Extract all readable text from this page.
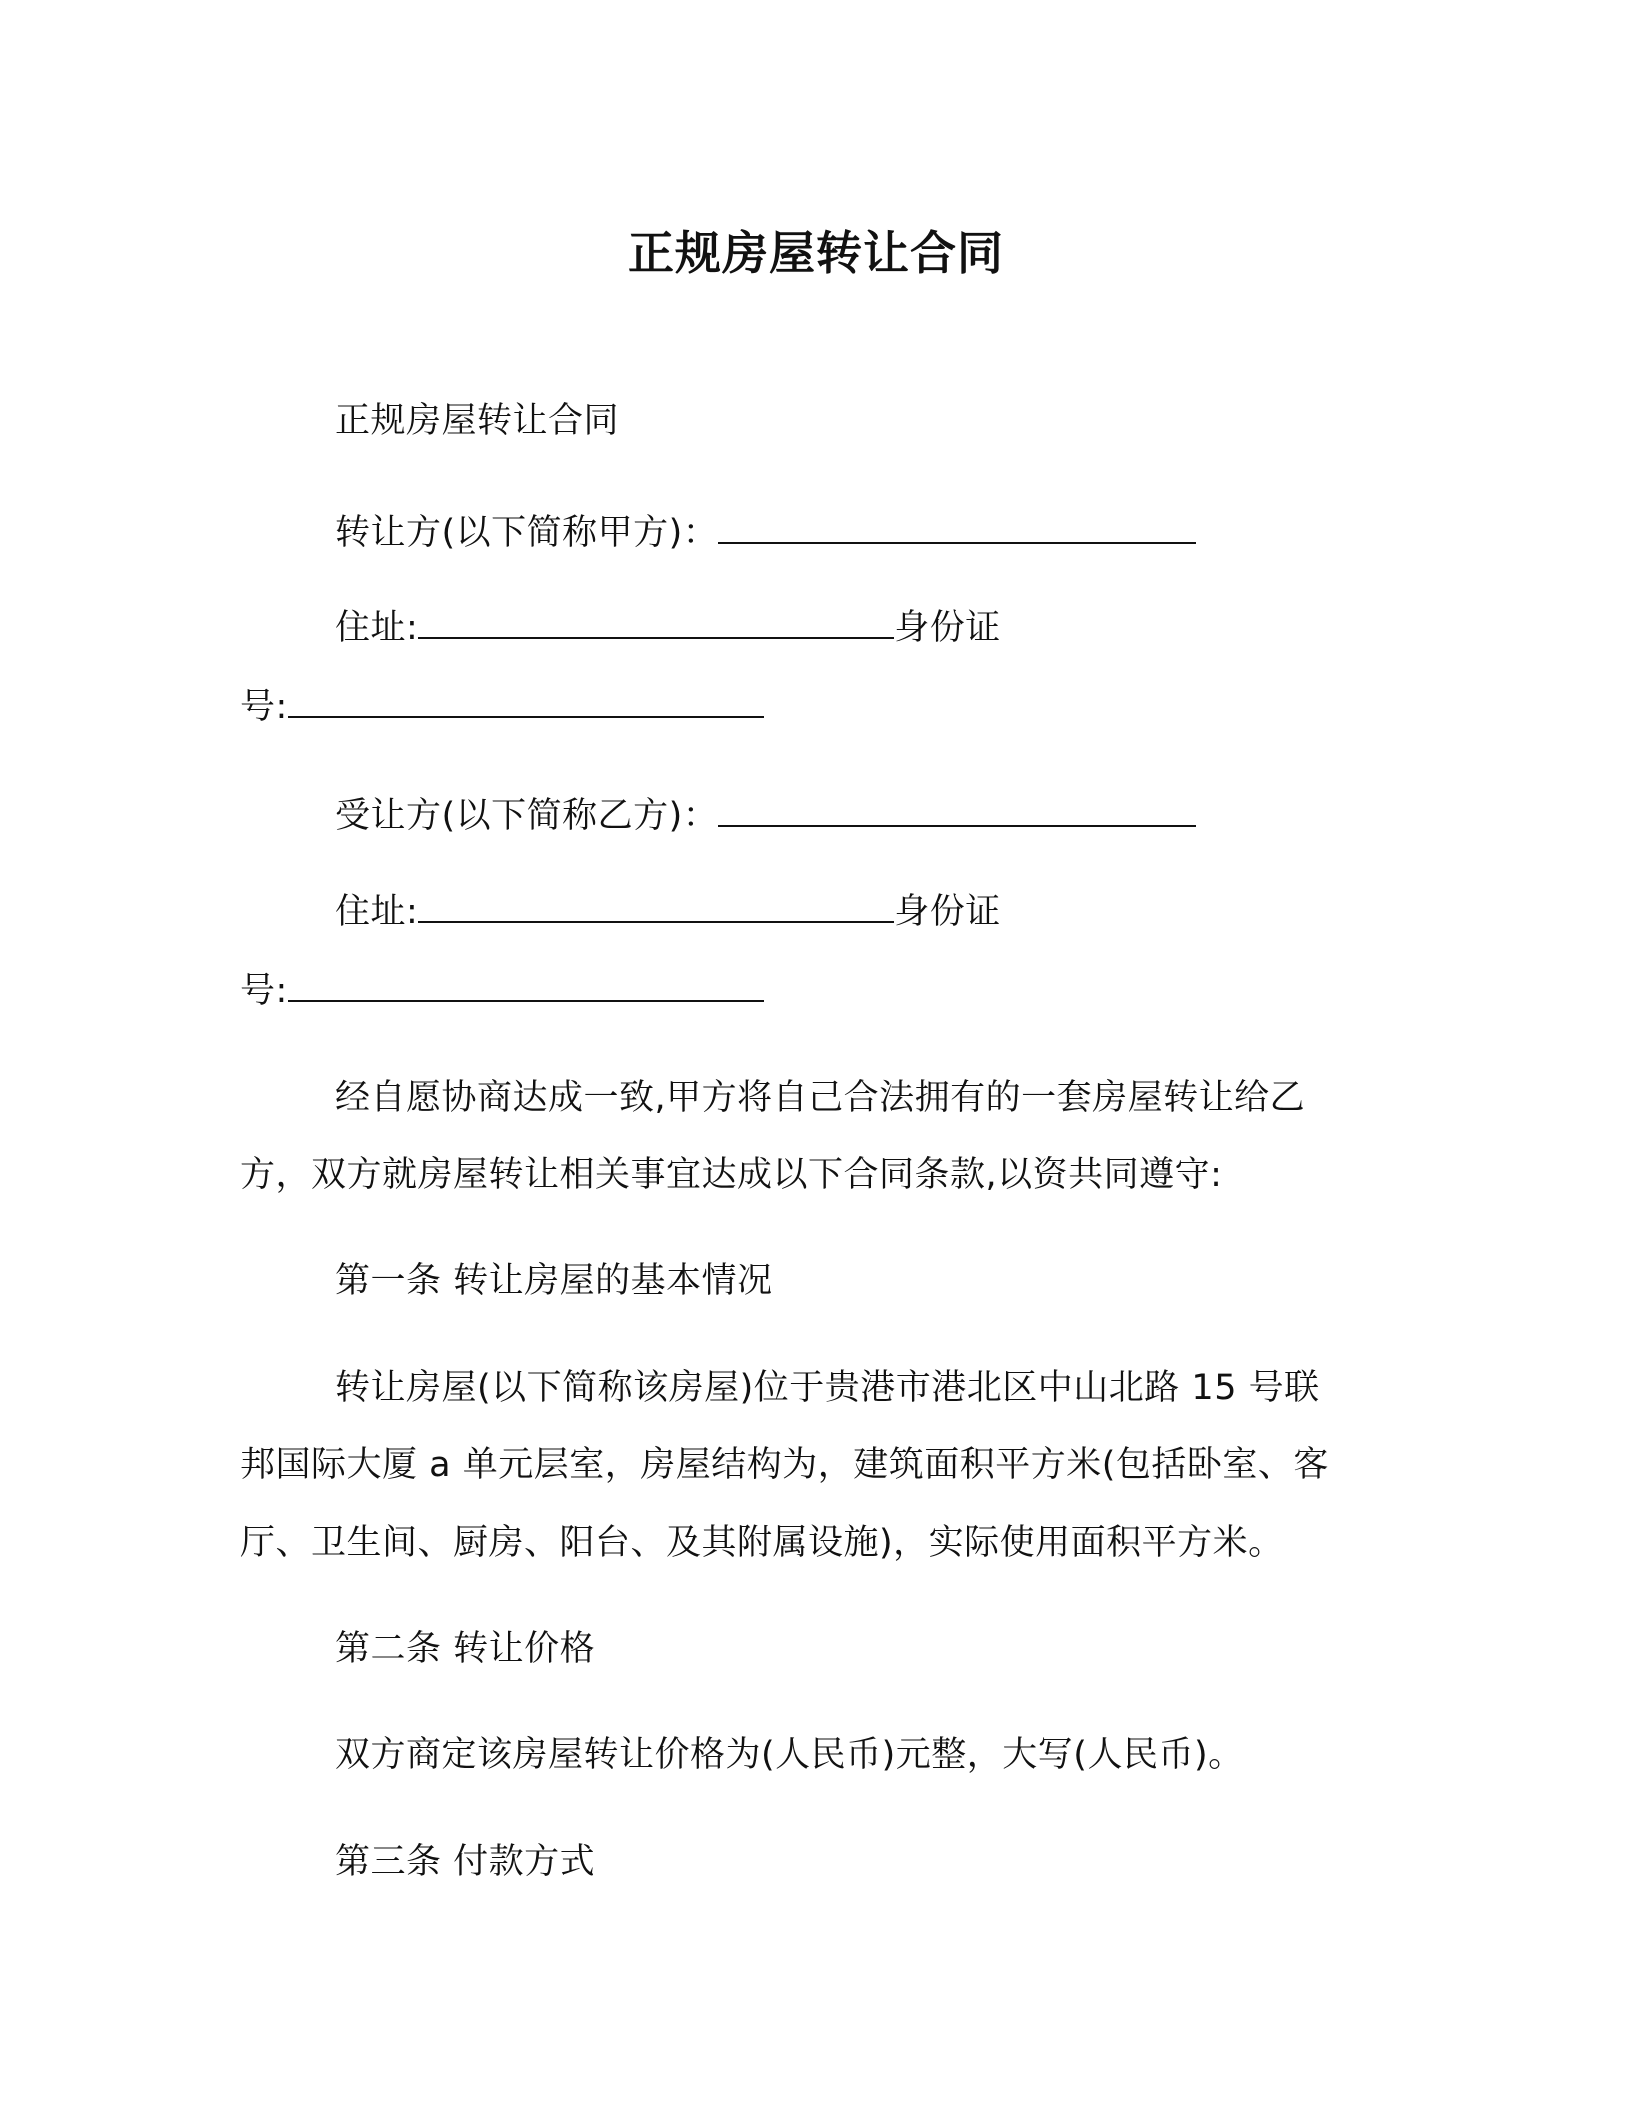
正规房屋转让合同
正规房屋转让合同
转让方(以下简称甲方)：
住址:	身份证
号:
受让方(以下简称乙方)：
住址:	身份证
号:
经自愿协商达成一致,甲方将自己合法拥有的一套房屋转让给乙
方，双方就房屋转让相关事宜达成以下合同条款,以资共同遵守:
第一条 转让房屋的基本情况
转让房屋(以下简称该房屋)位于贵港市港北区中山北路 15 号联
邦国际大厦 a 单元层室，房屋结构为，建筑面积平方米(包括卧室、客
厅、卫生间、厨房、阳台、及其附属设施)，实际使用面积平方米。
第二条 转让价格
双方商定该房屋转让价格为(人民币)元整，大写(人民币)。
第三条 付款方式
